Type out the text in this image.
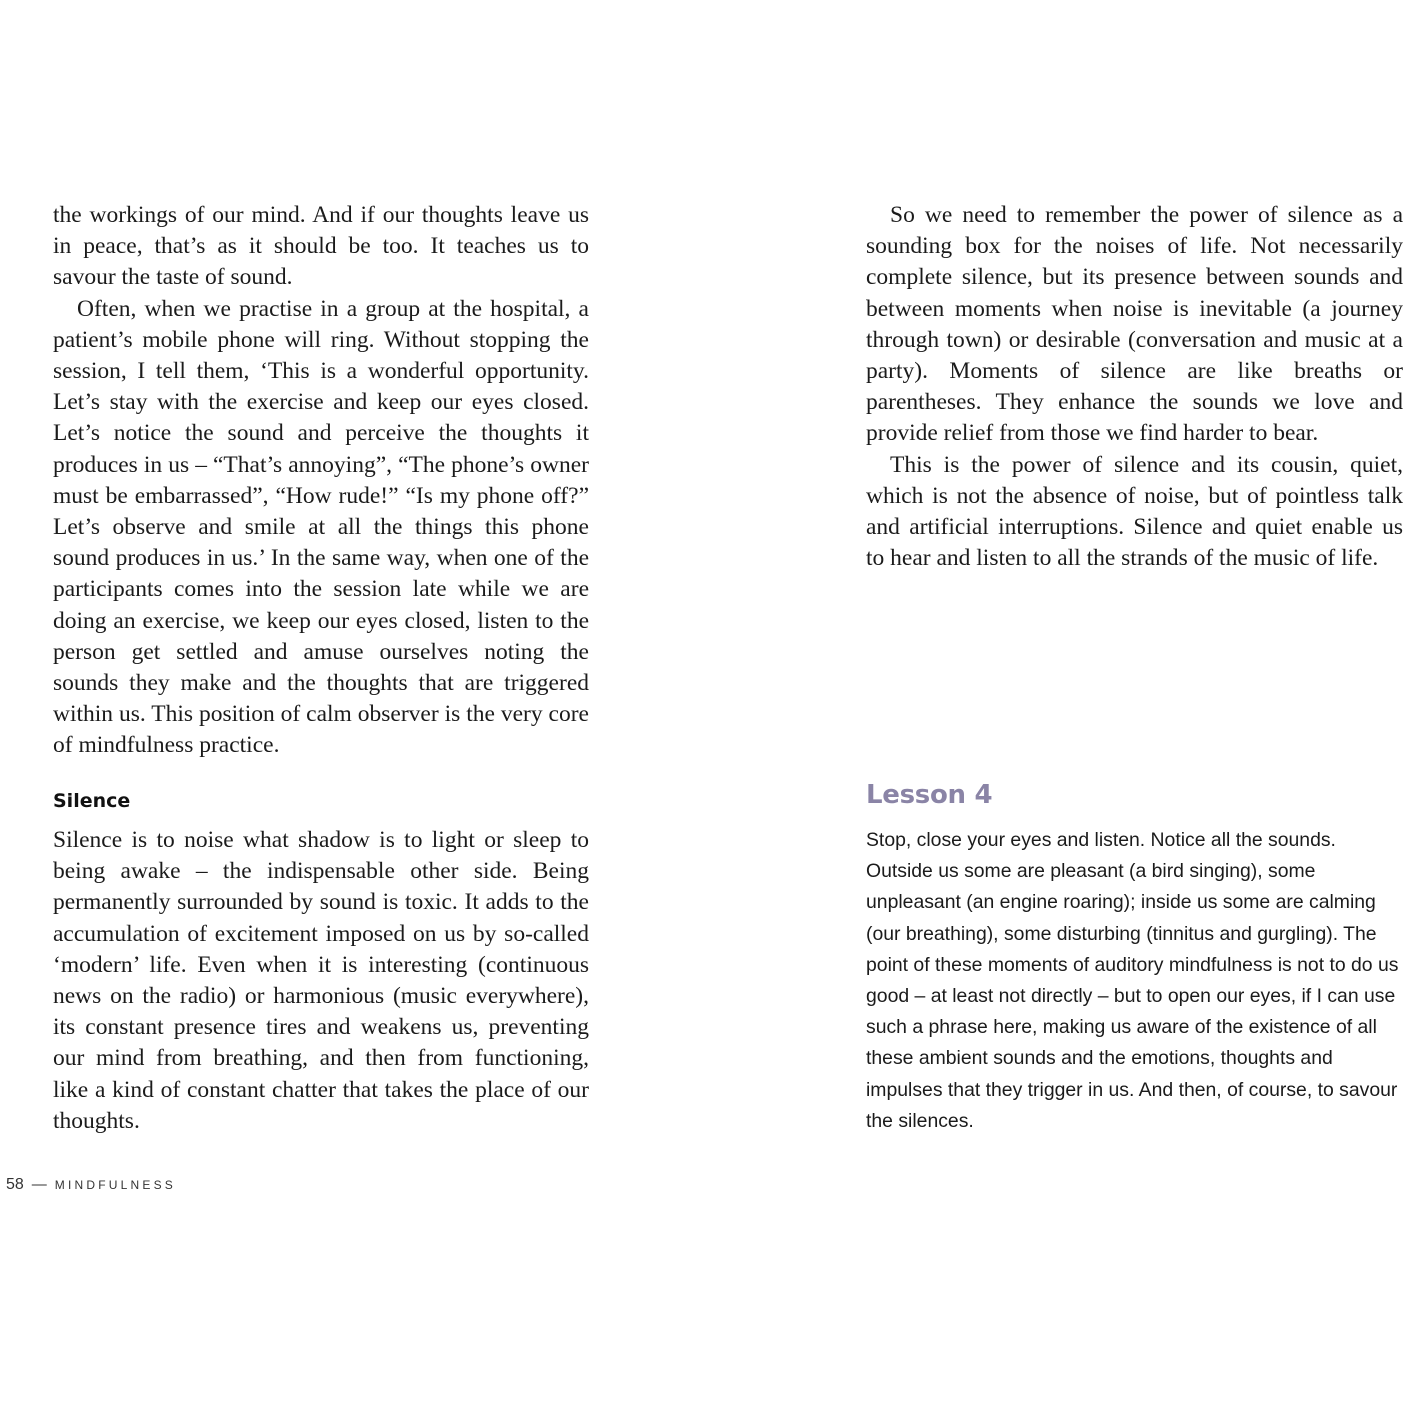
the workings of our mind. And if our thoughts leave us in peace, that’s as it should be too. It teaches us to savour the taste of sound.

Often, when we practise in a group at the hospital, a patient’s mobile phone will ring. Without stopping the session, I tell them, ‘This is a wonderful opportunity. Let’s stay with the exercise and keep our eyes closed. Let’s notice the sound and perceive the thoughts it produces in us – “That’s annoying”, “The phone’s owner must be embarrassed”, “How rude!” “Is my phone off?” Let’s observe and smile at all the things this phone sound produces in us.’ In the same way, when one of the participants comes into the session late while we are doing an exercise, we keep our eyes closed, listen to the person get settled and amuse ourselves noting the sounds they make and the thoughts that are triggered within us. This position of calm observer is the very core of mindfulness practice.

Silence

Silence is to noise what shadow is to light or sleep to being awake – the indispensable other side. Being permanently surrounded by sound is toxic. It adds to the accumulation of excitement imposed on us by so-called ‘modern’ life. Even when it is interesting (continuous news on the radio) or harmonious (music everywhere), its constant presence tires and weakens us, preventing our mind from breathing, and then from functioning, like a kind of constant chatter that takes the place of our thoughts.

So we need to remember the power of silence as a sounding box for the noises of life. Not necessarily complete silence, but its presence between sounds and between moments when noise is inevitable (a journey through town) or desirable (conversation and music at a party). Moments of silence are like breaths or parentheses. They enhance the sounds we love and provide relief from those we find harder to bear.

This is the power of silence and its cousin, quiet, which is not the absence of noise, but of pointless talk and artificial interruptions. Silence and quiet enable us to hear and listen to all the strands of the music of life.

Lesson 4

Stop, close your eyes and listen. Notice all the sounds. Outside us some are pleasant (a bird singing), some unpleasant (an engine roaring); inside us some are calming (our breathing), some disturbing (tinnitus and gurgling). The point of these moments of auditory mindfulness is not to do us good – at least not directly – but to open our eyes, if I can use such a phrase here, making us aware of the existence of all these ambient sounds and the emotions, thoughts and impulses that they trigger in us. And then, of course, to savour the silences.

58 — MINDFULNESS
